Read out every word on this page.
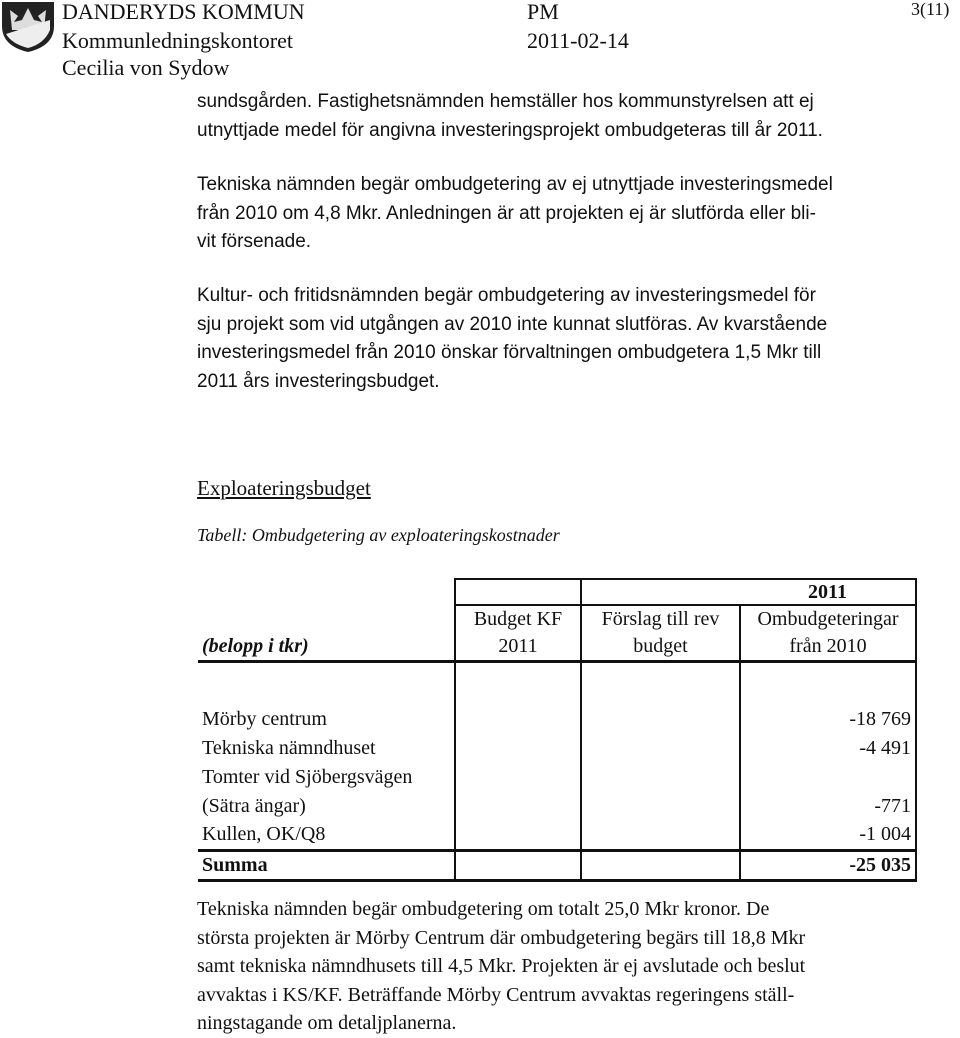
DANDERYDS KOMMUN
Kommunledningskontoret
Cecilia von Sydow
PM
2011-02-14
3(11)
sundsgården. Fastighetsnämnden hemställer hos kommunstyrelsen att ej
utnyttjade medel för angivna investeringsprojekt ombudgeteras till år 2011.
Tekniska nämnden begär ombudgetering av ej utnyttjade investeringsmedel
från 2010 om 4,8 Mkr. Anledningen är att projekten ej är slutförda eller bli-
vit försenade.
Kultur- och fritidsnämnden begär ombudgetering av investeringsmedel för
sju projekt som vid utgången av 2010 inte kunnat slutföras. Av kvarstående
investeringsmedel från 2010 önskar förvaltningen ombudgetera 1,5 Mkr till
2011 års investeringsbudget.
Exploateringsbudget
Tabell: Ombudgetering av exploateringskostnader
			2011
	Budget KF	Förslag till rev	Ombudgeteringar
(belopp i tkr)	2011	budget	från 2010

Mörby centrum			-18 769
Tekniska nämndhuset			-4 491
Tomter vid Sjöbergsvägen			
(Sätra ängar)			-771
Kullen, OK/Q8			-1 004
Summa			-25 035
Tekniska nämnden begär ombudgetering om totalt 25,0 Mkr kronor. De
största projekten är Mörby Centrum där ombudgetering begärs till 18,8 Mkr
samt tekniska nämndhusets till 4,5 Mkr. Projekten är ej avslutade och beslut
avvaktas i KS/KF. Beträffande Mörby Centrum avvaktas regeringens ställ-
ningstagande om detaljplanerna.
